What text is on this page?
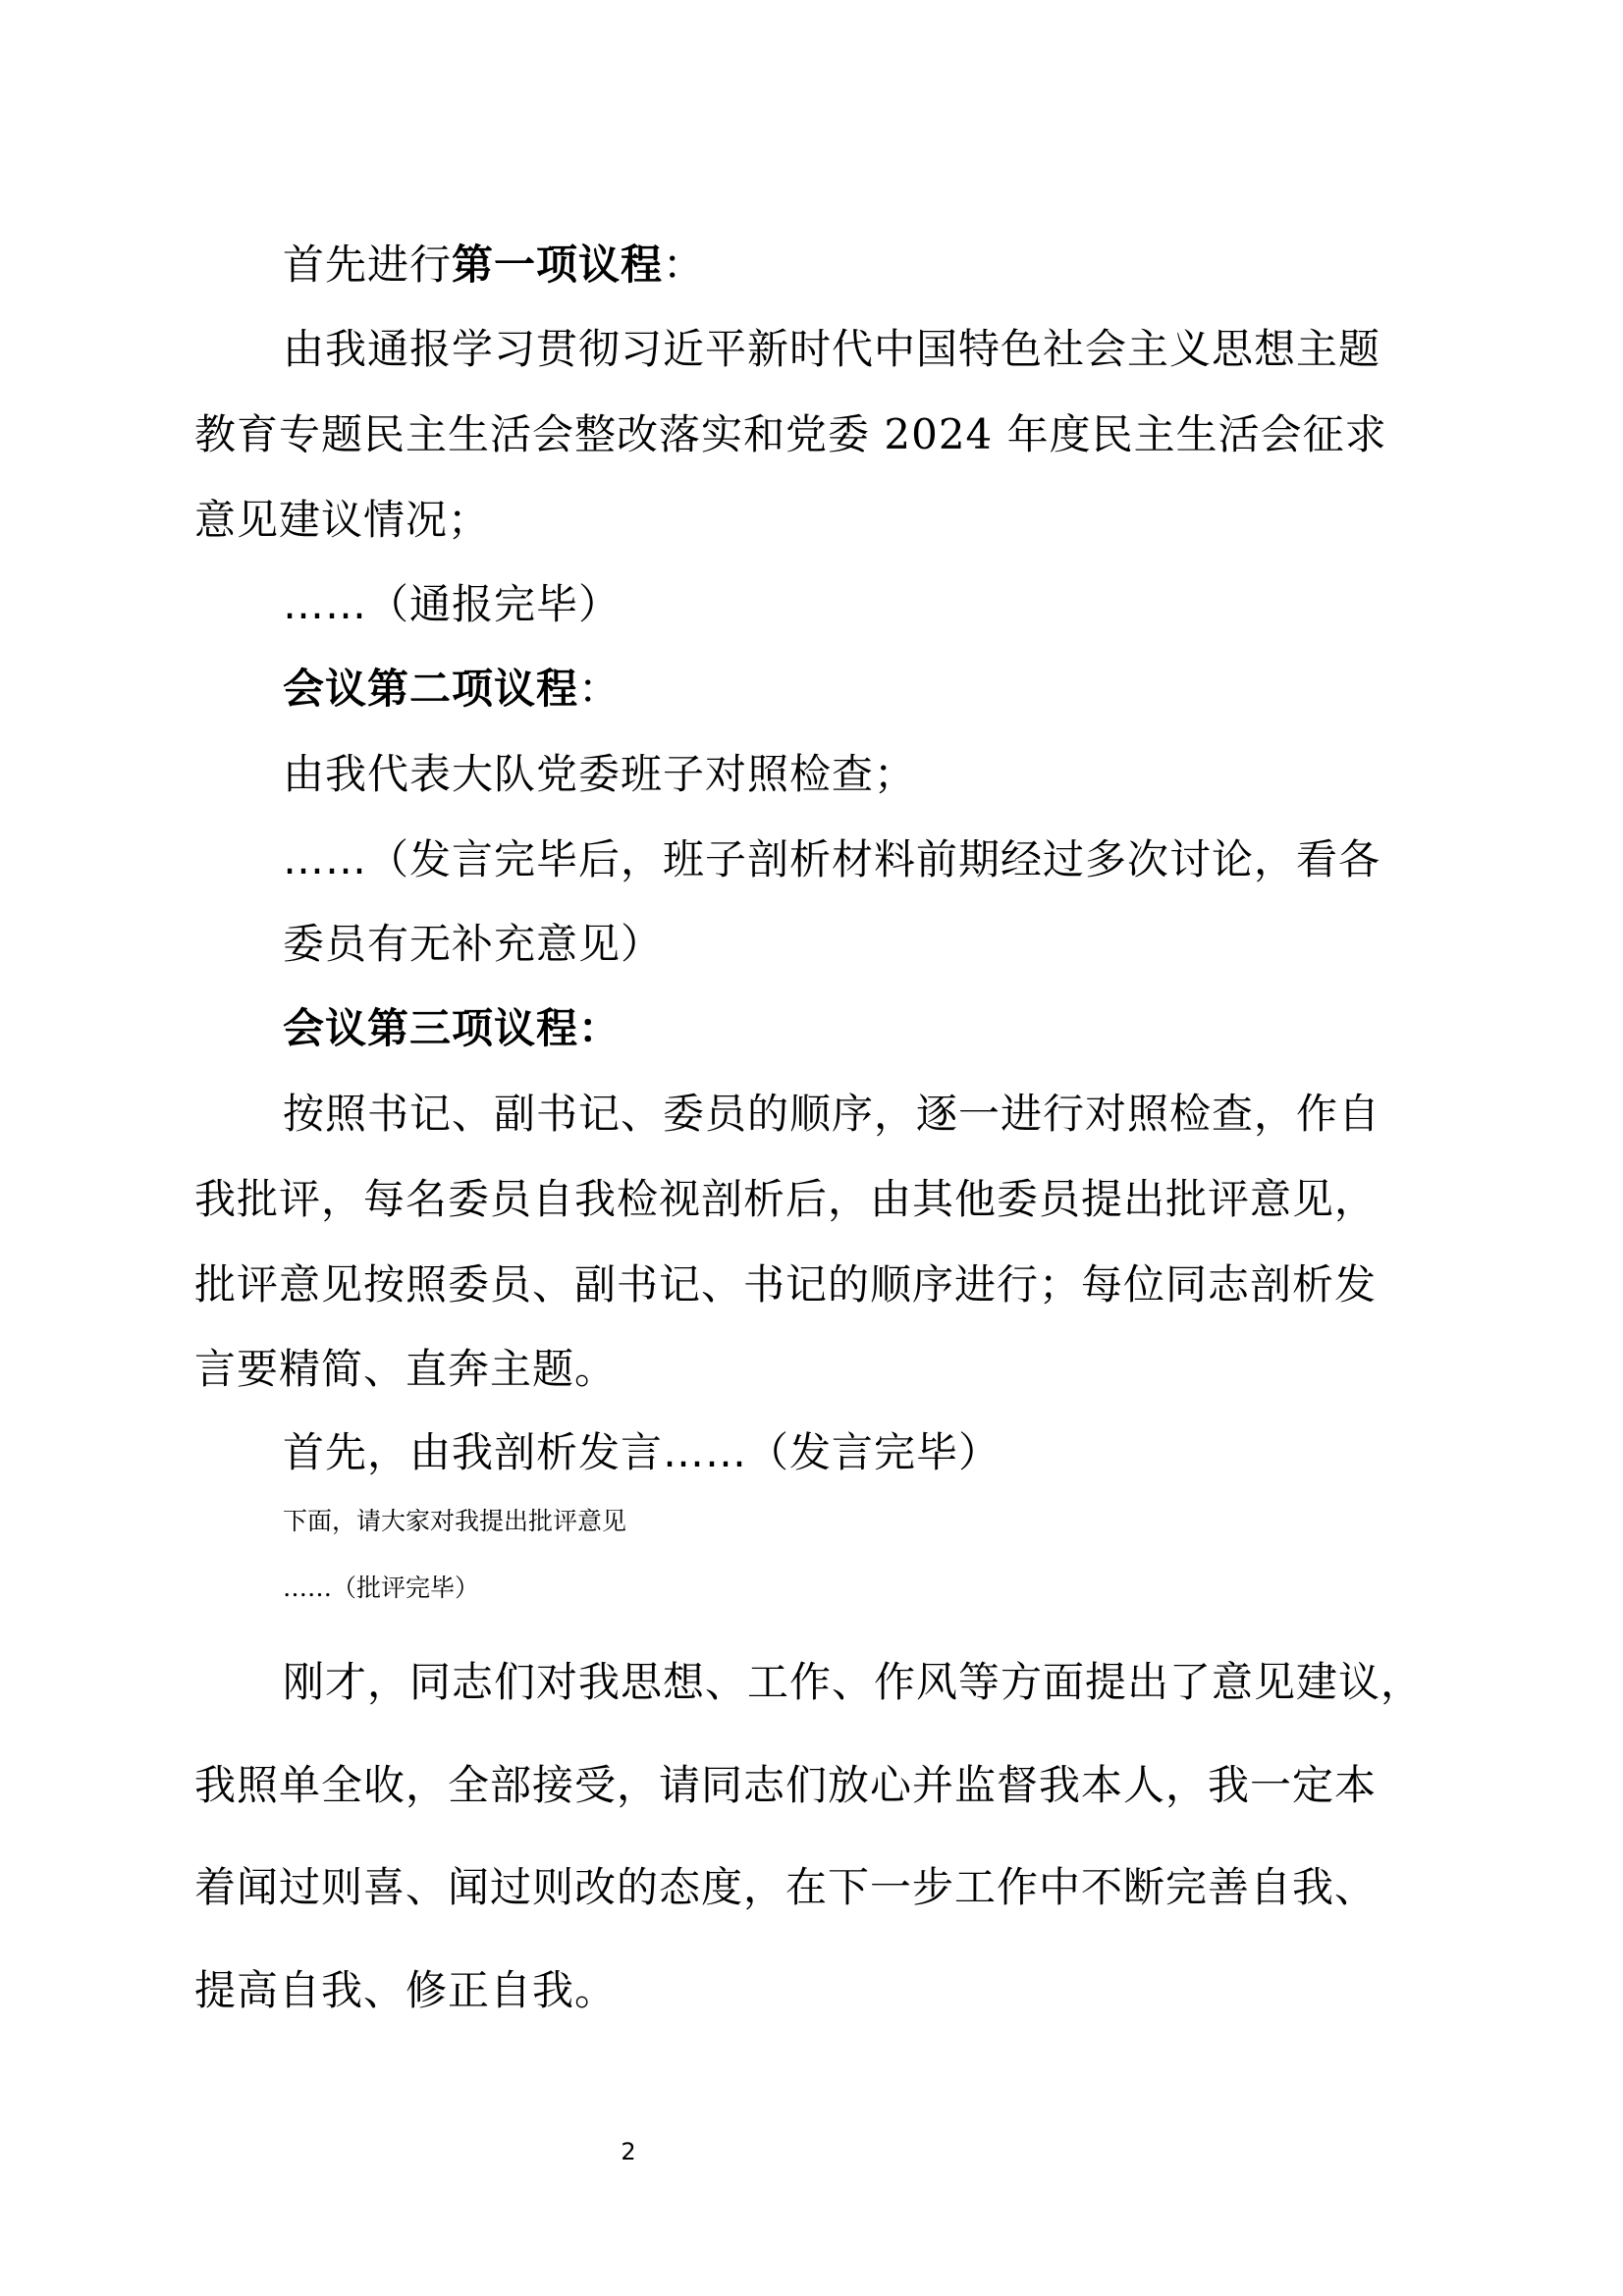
首先进行第一项议程：
由我通报学习贯彻习近平新时代中国特色社会主义思想主题
教育专题民主生活会整改落实和党委 2024 年度民主生活会征求
意见建议情况；
……（通报完毕）
会议第二项议程：
由我代表大队党委班子对照检查；
……（发言完毕后，班子剖析材料前期经过多次讨论，看各
委员有无补充意见）
会议第三项议程：
按照书记、副书记、委员的顺序，逐一进行对照检查，作自
我批评，每名委员自我检视剖析后，由其他委员提出批评意见，
批评意见按照委员、副书记、书记的顺序进行；每位同志剖析发
言要精简、直奔主题。
首先，由我剖析发言……（发言完毕）
下面，请大家对我提出批评意见
……（批评完毕）
刚才，同志们对我思想、工作、作风等方面提出了意见建议，
我照单全收，全部接受，请同志们放心并监督我本人，我一定本
着闻过则喜、闻过则改的态度，在下一步工作中不断完善自我、
提高自我、修正自我。
2
